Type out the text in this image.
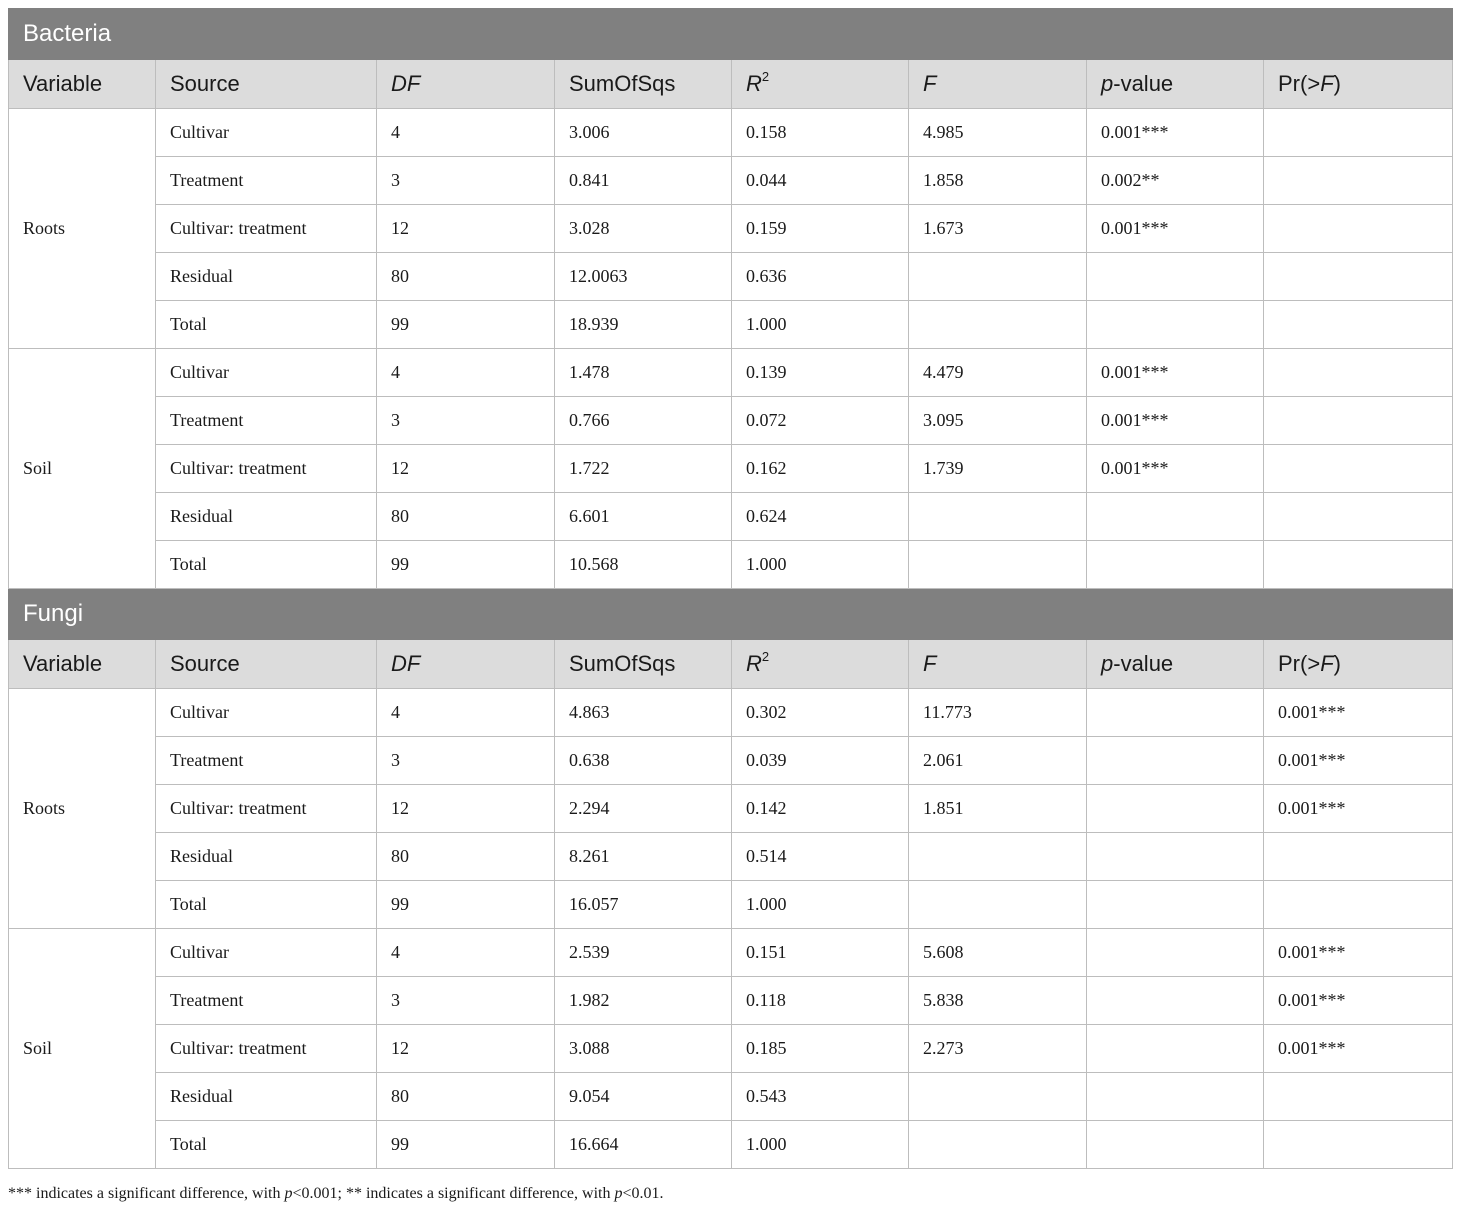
Bacteria							
Variable	Source	DF	SumOfSqs	$R^2$	F	p-value	Pr(>F)
Roots	Cultivar	4	3.006	0.158	4.985	0.001***	
	Treatment	3	0.841	0.044	1.858	0.002**	
	Cultivar: treatment	12	3.028	0.159	1.673	0.001***	
	Residual	80	12.0063	0.636			
	Total	99	18.939	1.000			
Soil	Cultivar	4	1.478	0.139	4.479	0.001***	
	Treatment	3	0.766	0.072	3.095	0.001***	
	Cultivar: treatment	12	1.722	0.162	1.739	0.001***	
	Residual	80	6.601	0.624			
	Total	99	10.568	1.000			
Fungi							
Variable	Source	DF	SumOfSqs	$R^2$	F	p-value	Pr(>F)
Roots	Cultivar	4	4.863	0.302	11.773		0.001***
	Treatment	3	0.638	0.039	2.061		0.001***
	Cultivar: treatment	12	2.294	0.142	1.851		0.001***
	Residual	80	8.261	0.514			
	Total	99	16.057	1.000			
Soil	Cultivar	4	2.539	0.151	5.608		0.001***
	Treatment	3	1.982	0.118	5.838		0.001***
	Cultivar: treatment	12	3.088	0.185	2.273		0.001***
	Residual	80	9.054	0.543			
	Total	99	16.664	1.000			
*** indicates a significant difference, with p<0.001; ** indicates a significant difference, with p<0.01.
